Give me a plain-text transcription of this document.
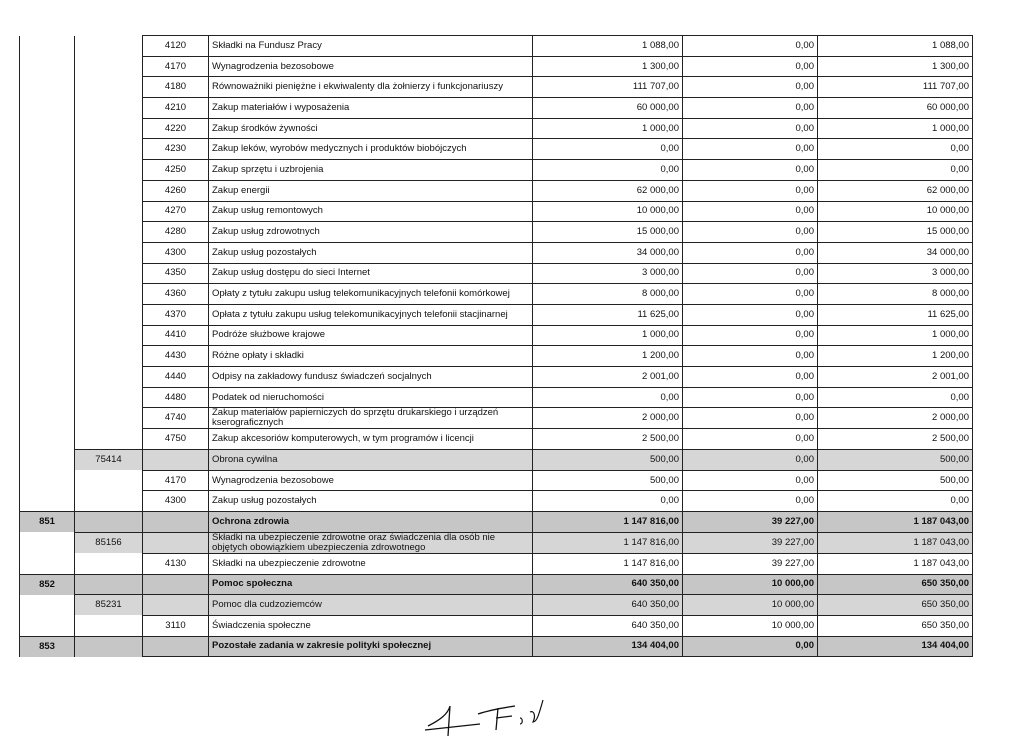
		4120	Składki na Fundusz Pracy	1 088,00	0,00	1 088,00
		4170	Wynagrodzenia bezosobowe	1 300,00	0,00	1 300,00
		4180	Równoważniki pieniężne i ekwiwalenty dla żołnierzy i funkcjonariuszy	111 707,00	0,00	111 707,00
		4210	Zakup materiałów i wyposażenia	60 000,00	0,00	60 000,00
		4220	Zakup środków żywności	1 000,00	0,00	1 000,00
		4230	Zakup leków, wyrobów medycznych i produktów biobójczych	0,00	0,00	0,00
		4250	Zakup sprzętu i uzbrojenia	0,00	0,00	0,00
		4260	Zakup energii	62 000,00	0,00	62 000,00
		4270	Zakup usług remontowych	10 000,00	0,00	10 000,00
		4280	Zakup usług zdrowotnych	15 000,00	0,00	15 000,00
		4300	Zakup usług pozostałych	34 000,00	0,00	34 000,00
		4350	Zakup usług dostępu do sieci Internet	3 000,00	0,00	3 000,00
		4360	Opłaty z tytułu zakupu usług telekomunikacyjnych telefonii komórkowej	8 000,00	0,00	8 000,00
		4370	Opłata z tytułu zakupu usług telekomunikacyjnych telefonii stacjinarnej	11 625,00	0,00	11 625,00
		4410	Podróże służbowe krajowe	1 000,00	0,00	1 000,00
		4430	Różne opłaty i składki	1 200,00	0,00	1 200,00
		4440	Odpisy na zakładowy fundusz świadczeń socjalnych	2 001,00	0,00	2 001,00
		4480	Podatek od nieruchomości	0,00	0,00	0,00
		4740	Zakup materiałów papierniczych do sprzętu drukarskiego i urządzeń kserograficznych	2 000,00	0,00	2 000,00
		4750	Zakup akcesoriów komputerowych, w tym programów i licencji	2 500,00	0,00	2 500,00
	75414		Obrona cywilna	500,00	0,00	500,00
		4170	Wynagrodzenia bezosobowe	500,00	0,00	500,00
		4300	Zakup usług pozostałych	0,00	0,00	0,00
851			Ochrona zdrowia	1 147 816,00	39 227,00	1 187 043,00
	85156		Składki na ubezpieczenie zdrowotne oraz świadczenia dla osób nie objętych obowiązkiem ubezpieczenia zdrowotnego	1 147 816,00	39 227,00	1 187 043,00
		4130	Składki na ubezpieczenie zdrowotne	1 147 816,00	39 227,00	1 187 043,00
852			Pomoc społeczna	640 350,00	10 000,00	650 350,00
	85231		Pomoc dla cudzoziemców	640 350,00	10 000,00	650 350,00
		3110	Świadczenia społeczne	640 350,00	10 000,00	650 350,00
853			Pozostałe zadania w zakresie polityki społecznej	134 404,00	0,00	134 404,00
